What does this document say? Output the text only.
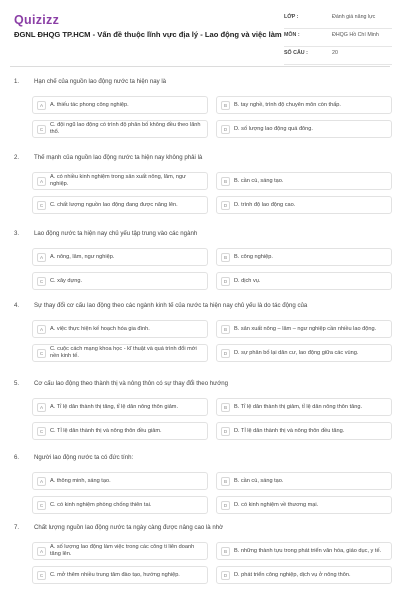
Quizizz
ĐGNL ĐHQG TP.HCM - Vấn đề thuộc lĩnh vực địa lý - Lao động và việc làm
LỚP :	Đánh giá năng lực
MÔN :	ĐHQG Hồ Chí Minh
SỐ CÂU :	20
1.	Hạn chế của nguồn lao động nước ta hiện nay là
A	A. thiếu tác phong công nghiệp.	B	B. tay nghề, trình độ chuyên môn còn thấp.
C
C. đội ngũ lao động có trình độ phân bố không đều theo lãnh thổ.	D	D. số lượng lao động quá đông.
2.	Thế mạnh của nguồn lao động nước ta hiện nay không phải là
A
A. có nhiều kinh nghiệm trong sản xuất nông, lâm, ngư nghiệp.	B	B. cần cù, sáng tạo.
C	C. chất lượng nguồn lao động đang được nâng lên.	D	D. trình độ lao động cao.
3.	Lao động nước ta hiện nay chủ yếu tập trung vào các ngành
A	A. nông, lâm, ngư nghiệp.	B	B. công nghiệp.
C	C. xây dựng.	D	D. dịch vụ.
4.	Sự thay đổi cơ cấu lao động theo các ngành kinh tế của nước ta hiện nay chủ yếu là do tác động của
A	A. việc thực hiện kế hoạch hóa gia đình.	B	B. sản xuất nông – lâm – ngư nghiệp cần nhiều lao động.
C
C. cuộc cách mạng khoa học - kĩ thuật và quá trình đổi mới nền kinh tế.	D	D. sự phân bố lại dân cư, lao động giữa các vùng.
5.	Cơ cấu lao động theo thành thị và nông thôn có sự thay đổi theo hướng
A	A. Tỉ lệ dân thành thị tăng, tỉ lệ dân nông thôn giảm.	B	B. Tỉ lệ dân thành thị giảm, tỉ lệ dân nông thôn tăng.
C	C. Tỉ lệ dân thành thị và nông thôn đều giảm.	D	D. Tỉ lệ dân thành thị và nông thôn đều tăng.
6.	Người lao động nước ta có đức tính:
A	A. thông minh, sáng tạo.	B	B. cần cù, sáng tạo.
C	C. có kinh nghiệm phòng chống thiên tai.	D	D. có kinh nghiệm về thương mại.
7.	Chất lượng nguồn lao động nước ta ngày càng được nâng cao là nhờ
A
A. số lượng lao động làm việc trong các công ti liên doanh tăng lên.	B	B. những thành tựu trong phát triển văn hóa, giáo dục, y tế.
C	C. mở thêm nhiều trung tâm đào tạo, hướng nghiệp.	D	D. phát triển công nghiệp, dịch vụ ở nông thôn.
